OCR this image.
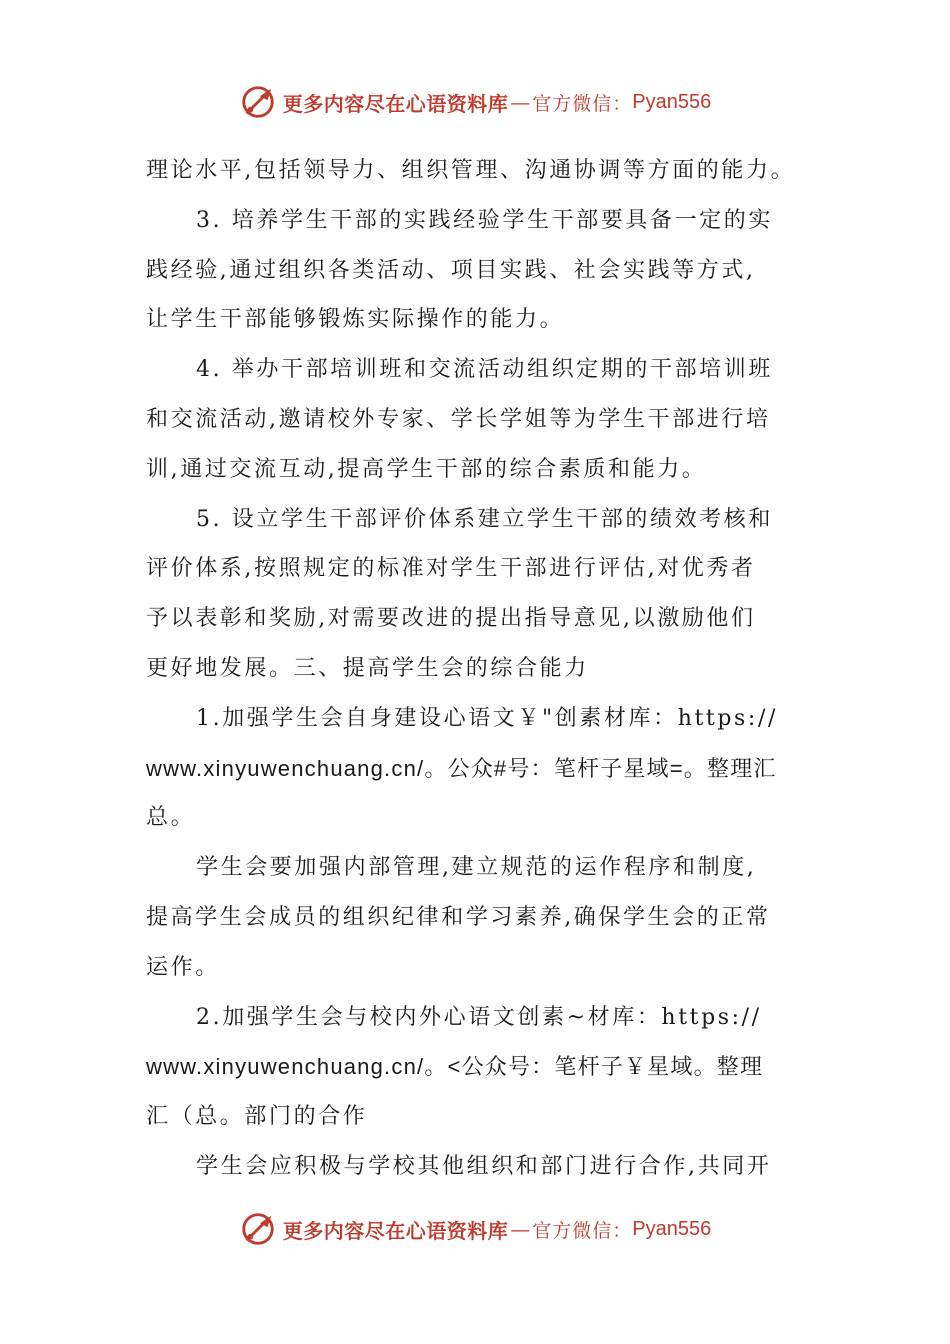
更多内容尽在心语资料库 — 官方微信： Pyan556
理论水平,包括领导力、组织管理、沟通协调等方面的能力。
3. 培养学生干部的实践经验学生干部要具备一定的实
践经验,通过组织各类活动、项目实践、社会实践等方式,
让学生干部能够锻炼实际操作的能力。
4. 举办干部培训班和交流活动组织定期的干部培训班
和交流活动,邀请校外专家、学长学姐等为学生干部进行培
训,通过交流互动,提高学生干部的综合素质和能力。
5. 设立学生干部评价体系建立学生干部的绩效考核和
评价体系,按照规定的标准对学生干部进行评估,对优秀者
予以表彰和奖励,对需要改进的提出指导意见,以激励他们
更好地发展。三、提高学生会的综合能力
1.加强学生会自身建设心语文￥"创素材库：https://
www.xinyuwenchuang.cn/。公众#号：笔杆子星域=。整理汇
总。
学生会要加强内部管理,建立规范的运作程序和制度,
提高学生会成员的组织纪律和学习素养,确保学生会的正常
运作。
2.加强学生会与校内外心语文创素~材库：https://
www.xinyuwenchuang.cn/。<公众号：笔杆子￥星域。整理
汇（总。部门的合作
学生会应积极与学校其他组织和部门进行合作,共同开
更多内容尽在心语资料库 — 官方微信： Pyan556
